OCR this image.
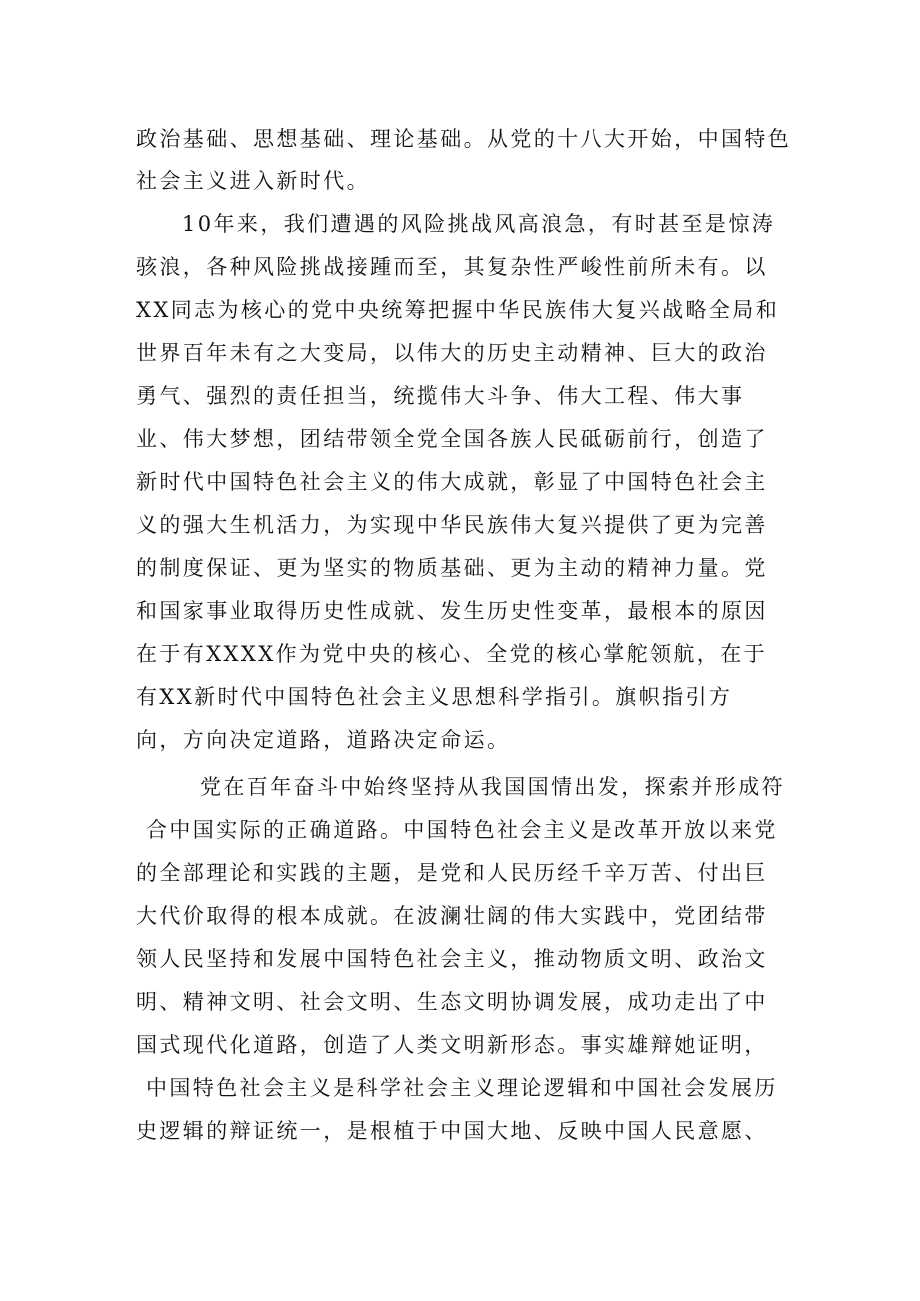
政治基础、思想基础、理论基础。从党的十八大开始，中国特色
社会主义进入新时代。
10年来，我们遭遇的风险挑战风高浪急，有时甚至是惊涛
骇浪，各种风险挑战接踵而至，其复杂性严峻性前所未有。以
XX同志为核心的党中央统筹把握中华民族伟大复兴战略全局和
世界百年未有之大变局，以伟大的历史主动精神、巨大的政治
勇气、强烈的责任担当，统揽伟大斗争、伟大工程、伟大事
业、伟大梦想，团结带领全党全国各族人民砥砺前行，创造了
新时代中国特色社会主义的伟大成就，彰显了中国特色社会主
义的强大生机活力，为实现中华民族伟大复兴提供了更为完善
的制度保证、更为坚实的物质基础、更为主动的精神力量。党
和国家事业取得历史性成就、发生历史性变革，最根本的原因
在于有XXXX作为党中央的核心、全党的核心掌舵领航，在于
有XX新时代中国特色社会主义思想科学指引。旗帜指引方
向，方向决定道路，道路决定命运。
党在百年奋斗中始终坚持从我国国情出发，探索并形成符
合中国实际的正确道路。中国特色社会主义是改革开放以来党
的全部理论和实践的主题，是党和人民历经千辛万苦、付出巨
大代价取得的根本成就。在波澜壮阔的伟大实践中，党团结带
领人民坚持和发展中国特色社会主义，推动物质文明、政治文
明、精神文明、社会文明、生态文明协调发展，成功走出了中
国式现代化道路，创造了人类文明新形态。事实雄辩她证明，
中国特色社会主义是科学社会主义理论逻辑和中国社会发展历
史逻辑的辩证统一，是根植于中国大地、反映中国人民意愿、
